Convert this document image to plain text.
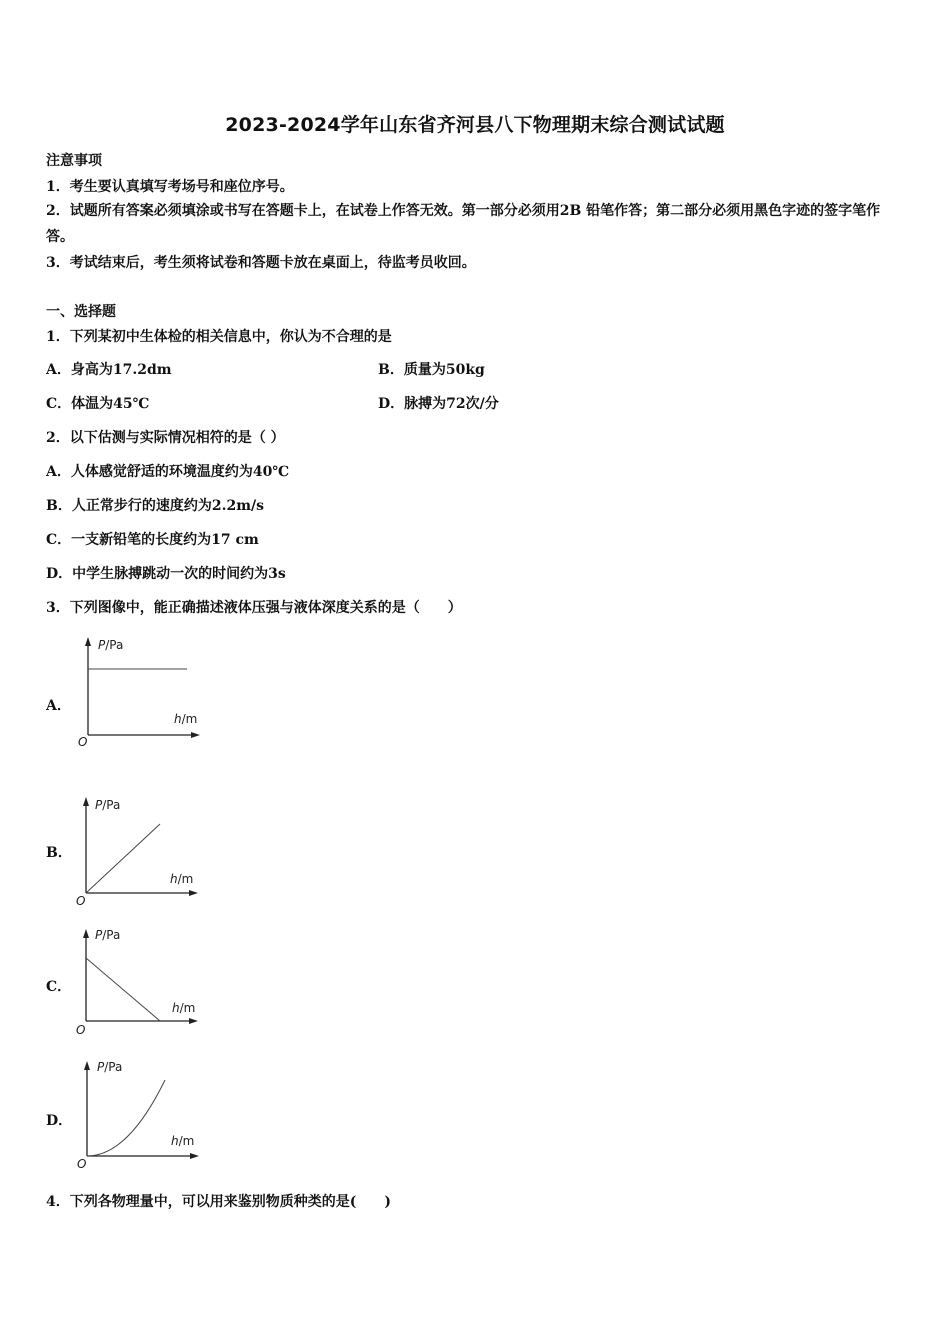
2023-2024学年山东省齐河县八下物理期末综合测试试题
注意事项
1．考生要认真填写考场号和座位序号。
2．试题所有答案必须填涂或书写在答题卡上，在试卷上作答无效。第一部分必须用2B 铅笔作答；第二部分必须用黑色字迹的签字笔作答。
3．考试结束后，考生须将试卷和答题卡放在桌面上，待监考员收回。
一、选择题
1．下列某初中生体检的相关信息中，你认为不合理的是
A．身高为17.2dm	B．质量为50kg
C．体温为45℃	D．脉搏为72次/分
2．以下估测与实际情况相符的是（ ）
A．人体感觉舒适的环境温度约为40℃
B．人正常步行的速度约为2.2m/s
C．一支新铅笔的长度约为17 cm
D．中学生脉搏跳动一次的时间约为3s
3．下列图像中，能正确描述液体压强与液体深度关系的是（　　）
A．
P/Pa
h/m
O
B．
P/Pa
h/m
O
C．
P/Pa
h/m
O
D．
P/Pa
h/m
O
4．下列各物理量中，可以用来鉴别物质种类的是(　　)
